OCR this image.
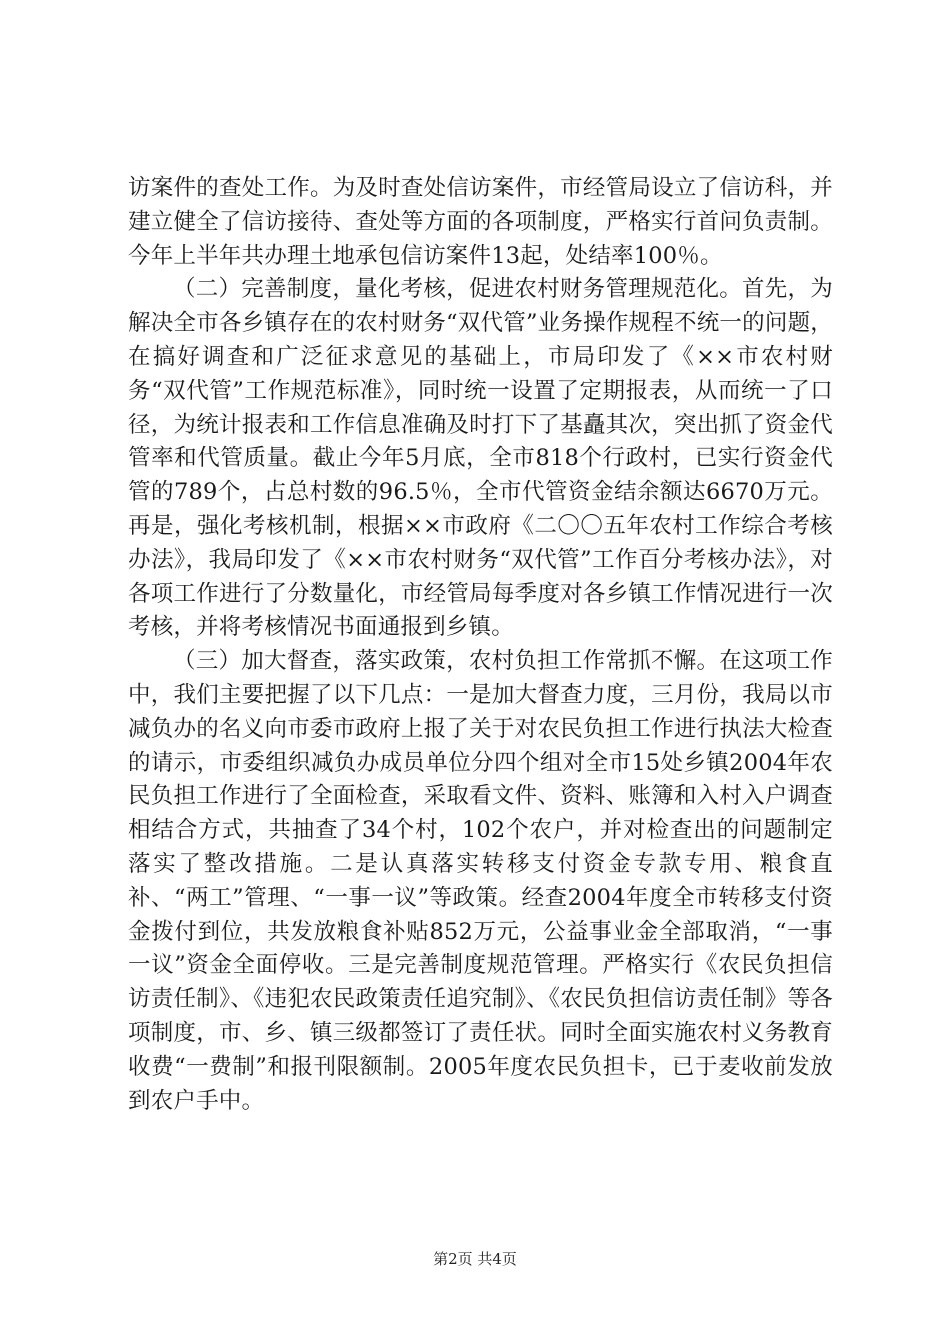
访案件的查处工作。为及时查处信访案件，市经管局设立了信访科，并建立健全了信访接待、查处等方面的各项制度，严格实行首问负责制。今年上半年共办理土地承包信访案件13起，处结率100％。

（二）完善制度，量化考核，促进农村财务管理规范化。首先，为解决全市各乡镇存在的农村财务“双代管”业务操作规程不统一的问题，在搞好调查和广泛征求意见的基础上，市局印发了《××市农村财务“双代管”工作规范标准》，同时统一设置了定期报表，从而统一了口径，为统计报表和工作信息准确及时打下了基矗其次，突出抓了资金代管率和代管质量。截止今年5月底，全市818个行政村，已实行资金代管的789个，占总村数的96.5％，全市代管资金结余额达6670万元。再是，强化考核机制，根据××市政府《二〇〇五年农村工作综合考核办法》，我局印发了《××市农村财务“双代管”工作百分考核办法》，对各项工作进行了分数量化，市经管局每季度对各乡镇工作情况进行一次考核，并将考核情况书面通报到乡镇。

（三）加大督查，落实政策，农村负担工作常抓不懈。在这项工作中，我们主要把握了以下几点：一是加大督查力度，三月份，我局以市减负办的名义向市委市政府上报了关于对农民负担工作进行执法大检查的请示，市委组织减负办成员单位分四个组对全市15处乡镇2004年农民负担工作进行了全面检查，采取看文件、资料、账簿和入村入户调查相结合方式，共抽查了34个村，102个农户，并对检查出的问题制定落实了整改措施。二是认真落实转移支付资金专款专用、粮食直补、“两工”管理、“一事一议”等政策。经查2004年度全市转移支付资金拨付到位，共发放粮食补贴852万元，公益事业金全部取消，“一事一议”资金全面停收。三是完善制度规范管理。严格实行《农民负担信访责任制》、《违犯农民政策责任追究制》、《农民负担信访责任制》等各项制度，市、乡、镇三级都签订了责任状。同时全面实施农村义务教育收费“一费制”和报刊限额制。2005年度农民负担卡，已于麦收前发放到农户手中。

第2页 共4页
